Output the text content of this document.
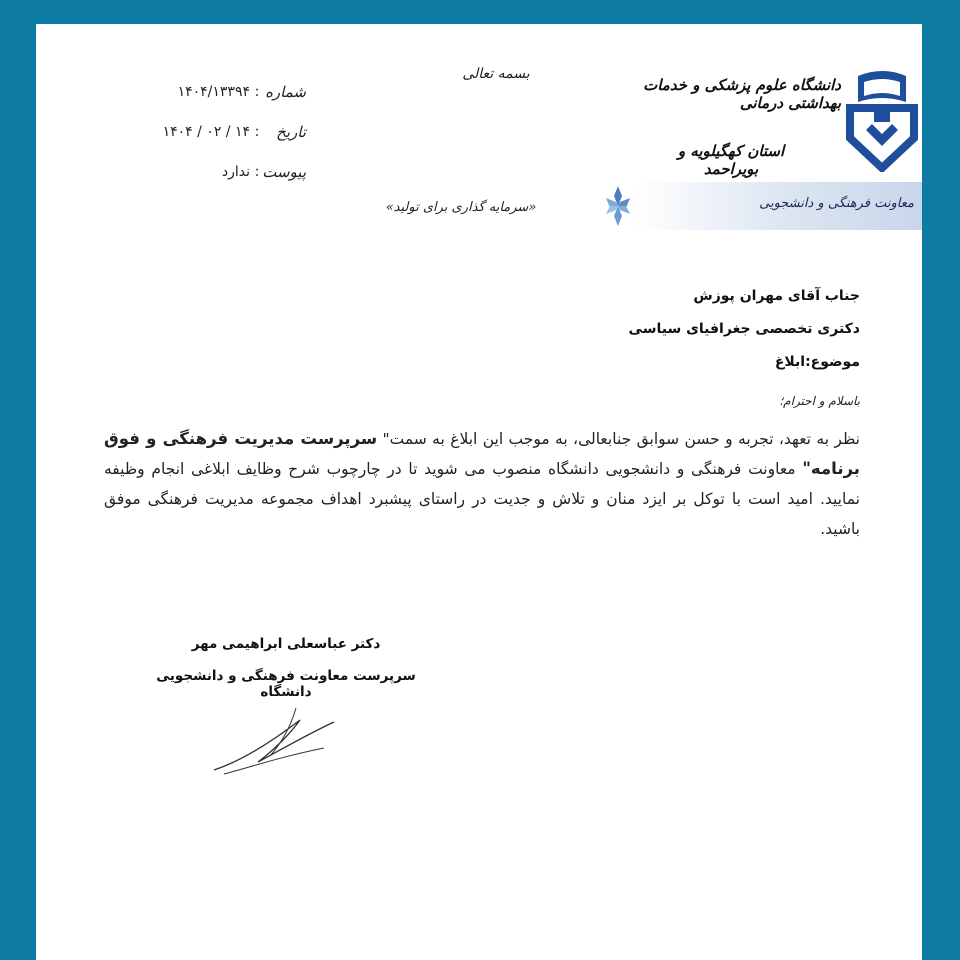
شماره
:
۱۴۰۴/۱۳۳۹۴
تاریخ
:
۱۴۰۴ / ۰۲ / ۱۴
پیوست
:
ندارد
بسمه تعالی
«سرمایه گذاری برای تولید»
دانشگاه علوم پزشکی و خدمات بهداشتی درمانی
استان کهگیلویه و بویراحمد
معاونت فرهنگی و دانشجویی
جناب آقای مهران پوزش
دکتری تخصصی جغرافیای سیاسی
موضوع:ابلاغ
باسلام و احترام؛
نظر به تعهد، تجربه و حسن سوابق جنابعالی، به موجب این ابلاغ به سمت" سرپرست مدیریت فرهنگی و فوق برنامه" معاونت فرهنگی و دانشجویی دانشگاه منصوب می شوید تا در چارچوب شرح وظایف ابلاغی انجام وظیفه نمایید. امید است با توکل بر ایزد منان و تلاش و جدیت در راستای پیشبرد اهداف مجموعه مدیریت فرهنگی موفق باشید.
دکتر عباسعلی ابراهیمی مهر
سرپرست معاونت فرهنگی و دانشجویی دانشگاه
